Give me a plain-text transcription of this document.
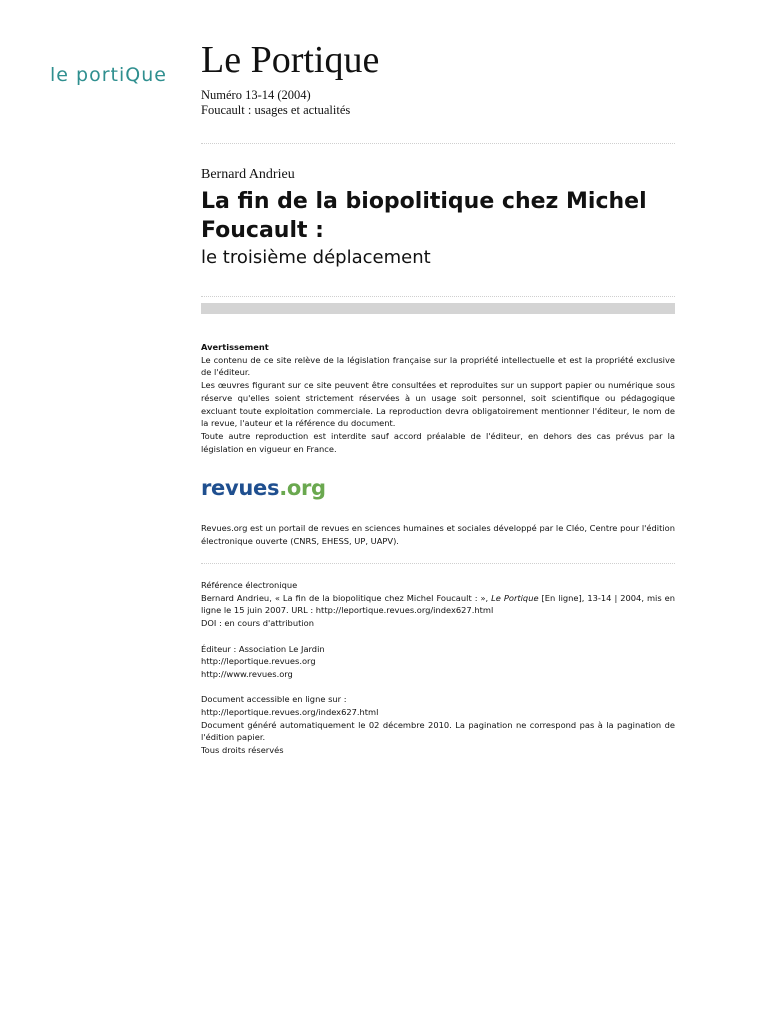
le portiQue Le Portique
Numéro 13-14 (2004)
Foucault : usages et actualités
Bernard Andrieu
La fin de la biopolitique chez Michel Foucault :
le troisième déplacement

Avertissement

Le contenu de ce site relève de la législation française sur la propriété intellectuelle et est la propriété exclusive de l'éditeur.

Les œuvres figurant sur ce site peuvent être consultées et reproduites sur un support papier ou numérique sous réserve qu'elles soient strictement réservées à un usage soit personnel, soit scientifique ou pédagogique excluant toute exploitation commerciale. La reproduction devra obligatoirement mentionner l'éditeur, le nom de la revue, l'auteur et la référence du document.

Toute autre reproduction est interdite sauf accord préalable de l'éditeur, en dehors des cas prévus par la législation en vigueur en France.

revues.org

Revues.org est un portail de revues en sciences humaines et sociales développé par le Cléo, Centre pour l'édition électronique ouverte (CNRS, EHESS, UP, UAPV).

Référence électronique

Bernard Andrieu, « La fin de la biopolitique chez Michel Foucault : », Le Portique [En ligne], 13-14 | 2004, mis en ligne le 15 juin 2007. URL : http://leportique.revues.org/index627.html

DOI : en cours d'attribution

Éditeur : Association Le Jardin

http://leportique.revues.org

http://www.revues.org

Document accessible en ligne sur :

http://leportique.revues.org/index627.html

Document généré automatiquement le 02 décembre 2010. La pagination ne correspond pas à la pagination de l'édition papier.

Tous droits réservés
